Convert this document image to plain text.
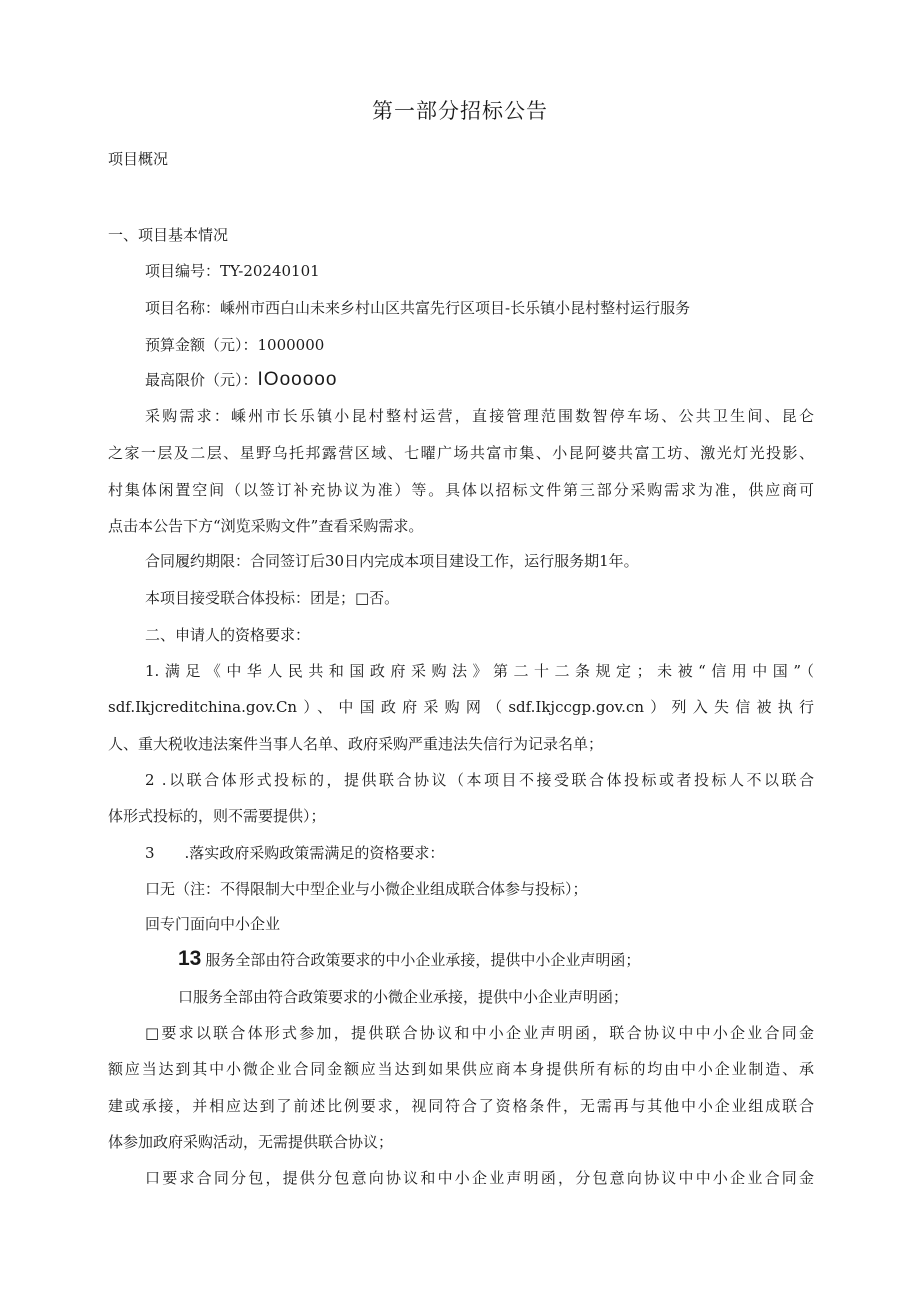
第一部分招标公告
项目概况
一、项目基本情况
项目编号：TY-20240101
项目名称：嵊州市西白山未来乡村山区共富先行区项目-长乐镇小昆村整村运行服务
预算金额（元）：1000000
最高限价（元）：IOooooo
采购需求：嵊州市长乐镇小昆村整村运营，直接管理范围数智停车场、公共卫生间、昆仑
之家一层及二层、星野乌托邦露营区域、七曜广场共富市集、小昆阿婆共富工坊、激光灯光投影、
村集体闲置空间（以签订补充协议为准）等。具体以招标文件第三部分采购需求为准，供应商可
点击本公告下方“浏览采购文件”查看采购需求。
合同履约期限：合同签订后30日内完成本项目建设工作，运行服务期1年。
本项目接受联合体投标：团是；□否。
二、申请人的资格要求：
1.满足《中华人民共和国政府采购法》第二十二条规定；未被“信用中国”（
sdf.Ikjcreditchina.gov.Cn）、中国政府采购网（sdf.Ikjccgp.gov.cn）列入失信被执行
人、重大税收违法案件当事人名单、政府采购严重违法失信行为记录名单；
2 .以联合体形式投标的，提供联合协议（本项目不接受联合体投标或者投标人不以联合
体形式投标的，则不需要提供）；
3　　.落实政府采购政策需满足的资格要求：
口无（注：不得限制大中型企业与小微企业组成联合体参与投标）；
回专门面向中小企业
13 服务全部由符合政策要求的中小企业承接，提供中小企业声明函；
口服务全部由符合政策要求的小微企业承接，提供中小企业声明函；
□要求以联合体形式参加，提供联合协议和中小企业声明函，联合协议中中小企业合同金
额应当达到其中小微企业合同金额应当达到如果供应商本身提供所有标的均由中小企业制造、承
建或承接，并相应达到了前述比例要求，视同符合了资格条件，无需再与其他中小企业组成联合
体参加政府采购活动，无需提供联合协议；
口要求合同分包，提供分包意向协议和中小企业声明函，分包意向协议中中小企业合同金
